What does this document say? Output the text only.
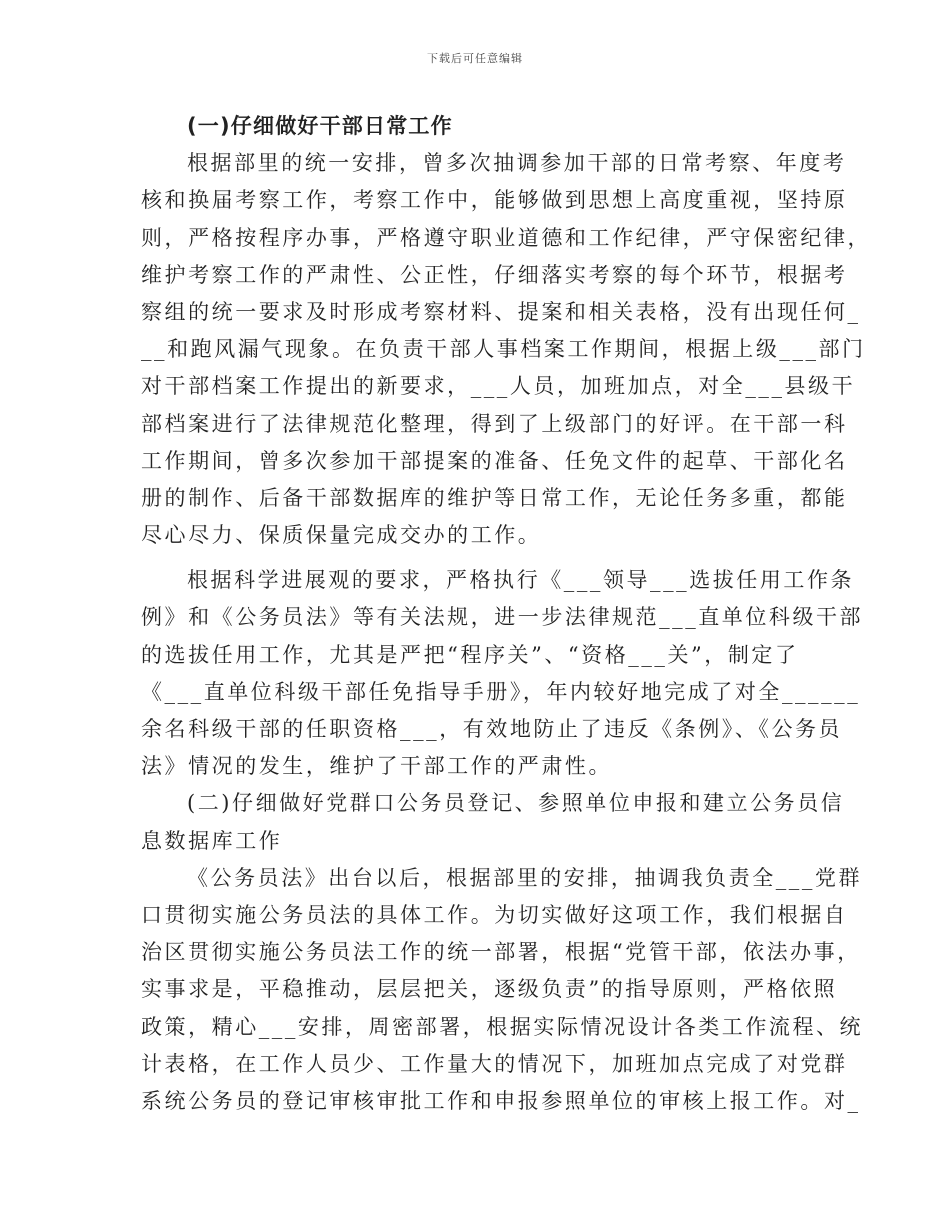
下载后可任意编辑
(一)仔细做好干部日常工作
根据部里的统一安排，曾多次抽调参加干部的日常考察、年度考
核和换届考察工作，考察工作中，能够做到思想上高度重视，坚持原
则，严格按程序办事，严格遵守职业道德和工作纪律，严守保密纪律，
维护考察工作的严肃性、公正性，仔细落实考察的每个环节，根据考
察组的统一要求及时形成考察材料、提案和相关表格，没有出现任何_
__和跑风漏气现象。在负责干部人事档案工作期间，根据上级___部门
对干部档案工作提出的新要求，___人员，加班加点，对全___县级干
部档案进行了法律规范化整理，得到了上级部门的好评。在干部一科
工作期间，曾多次参加干部提案的准备、任免文件的起草、干部化名
册的制作、后备干部数据库的维护等日常工作，无论任务多重，都能
尽心尽力、保质保量完成交办的工作。
根据科学进展观的要求，严格执行《___领导___选拔任用工作条
例》和《公务员法》等有关法规，进一步法律规范___直单位科级干部
的选拔任用工作，尤其是严把“程序关”、“资格___关”，制定了
《___直单位科级干部任免指导手册》，年内较好地完成了对全______
余名科级干部的任职资格___，有效地防止了违反《条例》、《公务员
法》情况的发生，维护了干部工作的严肃性。
(二)仔细做好党群口公务员登记、参照单位申报和建立公务员信
息数据库工作
《公务员法》出台以后，根据部里的安排，抽调我负责全___党群
口贯彻实施公务员法的具体工作。为切实做好这项工作，我们根据自
治区贯彻实施公务员法工作的统一部署，根据“党管干部，依法办事，
实事求是，平稳推动，层层把关，逐级负责”的指导原则，严格依照
政策，精心___安排，周密部署，根据实际情况设计各类工作流程、统
计表格，在工作人员少、工作量大的情况下，加班加点完成了对党群
系统公务员的登记审核审批工作和申报参照单位的审核上报工作。对_
